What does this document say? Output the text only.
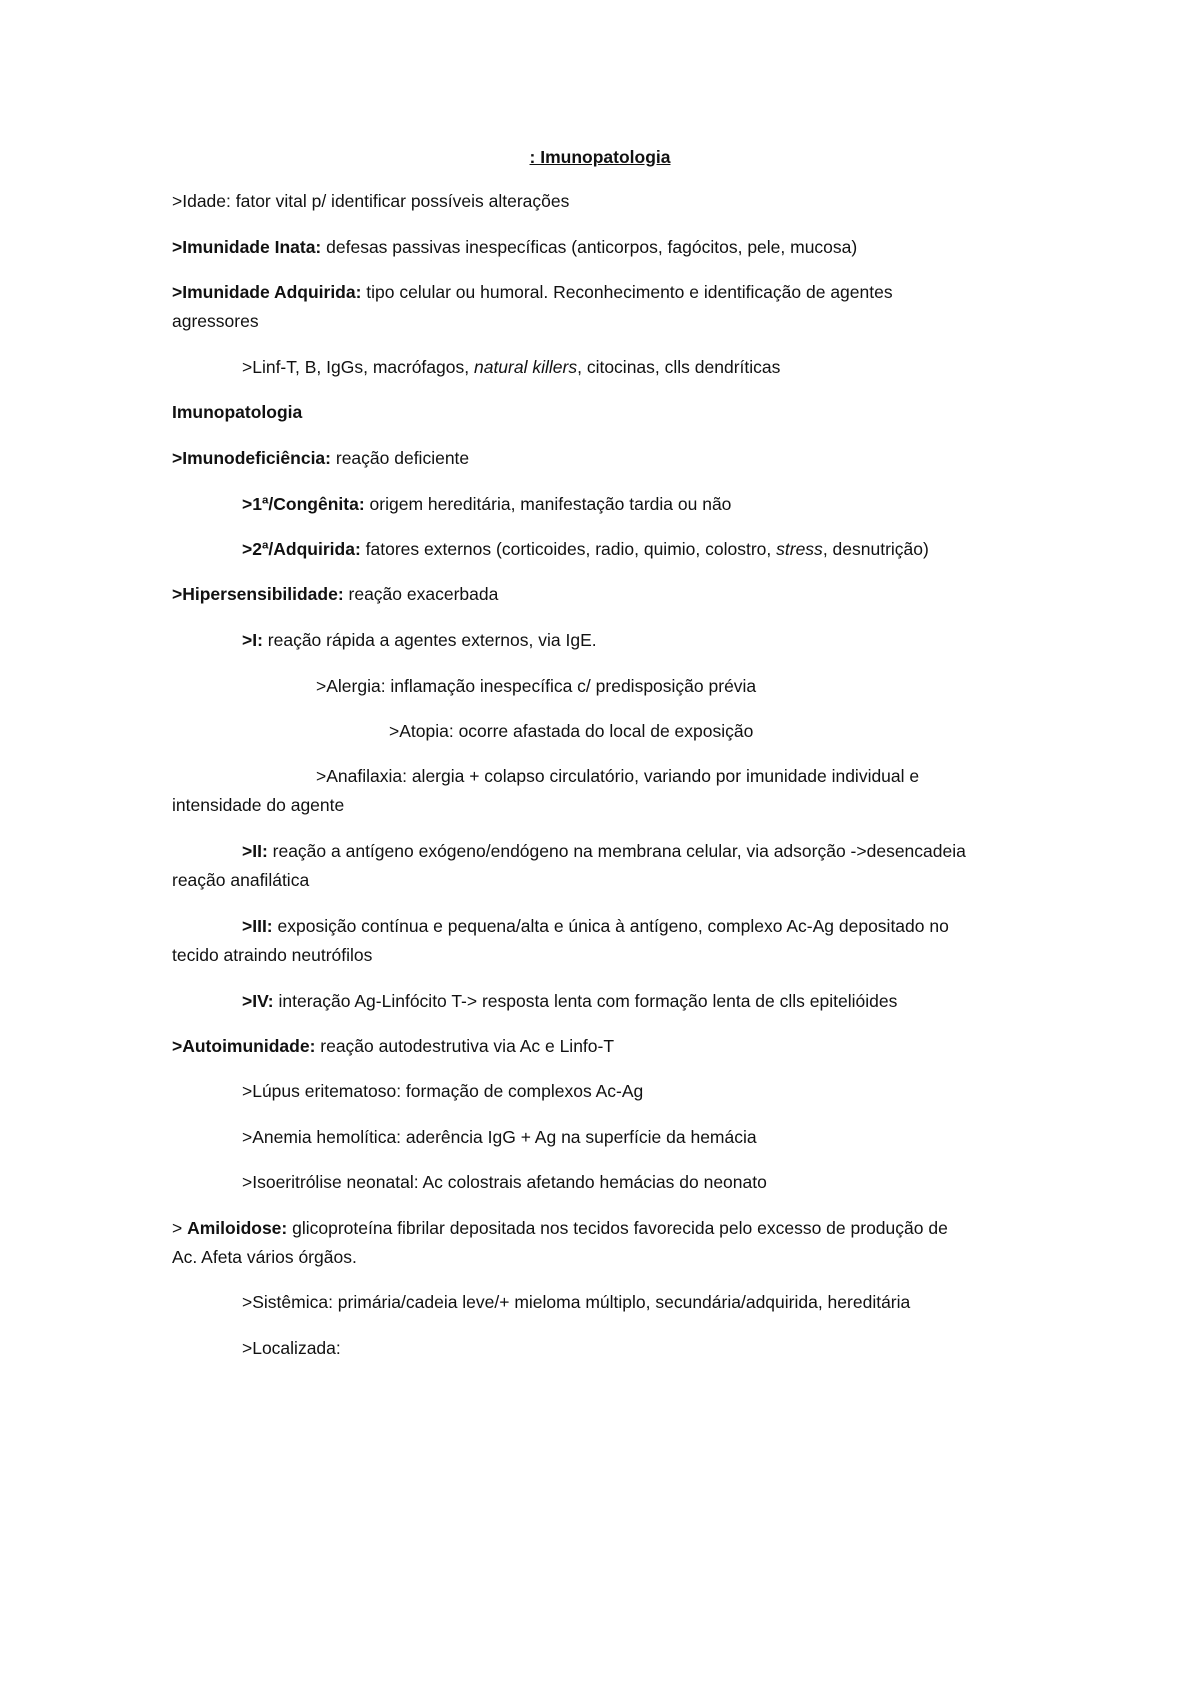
: Imunopatologia
>Idade: fator vital p/ identificar possíveis alterações
>Imunidade Inata: defesas passivas inespecíficas (anticorpos, fagócitos, pele, mucosa)
>Imunidade Adquirida: tipo celular ou humoral. Reconhecimento e identificação de agentes
agressores
>Linf-T, B, IgGs, macrófagos, natural killers, citocinas, clls dendríticas
Imunopatologia
>Imunodeficiência: reação deficiente
>1ª/Congênita: origem hereditária, manifestação tardia ou não
>2ª/Adquirida: fatores externos (corticoides, radio, quimio, colostro, stress, desnutrição)
>Hipersensibilidade: reação exacerbada
>I: reação rápida a agentes externos, via IgE.
>Alergia: inflamação inespecífica c/ predisposição prévia
>Atopia: ocorre afastada do local de exposição
>Anafilaxia: alergia + colapso circulatório, variando por imunidade individual e
intensidade do agente
>II: reação a antígeno exógeno/endógeno na membrana celular, via adsorção ->desencadeia
reação anafilática
>III: exposição contínua e pequena/alta e única à antígeno, complexo Ac-Ag depositado no
tecido atraindo neutrófilos
>IV: interação Ag-Linfócito T-> resposta lenta com formação lenta de clls epitelióides
>Autoimunidade: reação autodestrutiva via Ac e Linfo-T
>Lúpus eritematoso: formação de complexos Ac-Ag
>Anemia hemolítica: aderência IgG + Ag na superfície da hemácia
>Isoeritrólise neonatal: Ac colostrais afetando hemácias do neonato
> Amiloidose: glicoproteína fibrilar depositada nos tecidos favorecida pelo excesso de produção de
Ac. Afeta vários órgãos.
>Sistêmica: primária/cadeia leve/+ mieloma múltiplo, secundária/adquirida, hereditária
>Localizada:
